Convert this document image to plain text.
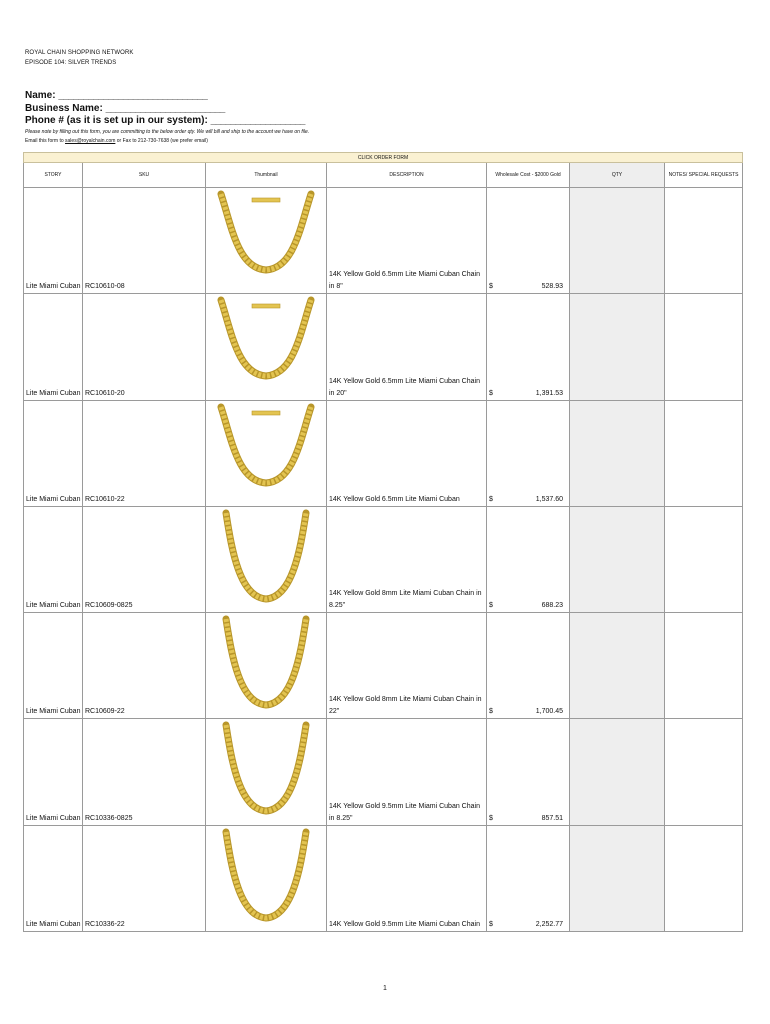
ROYAL CHAIN SHOPPING NETWORK
EPISODE 104: SILVER TRENDS
Name: ______________________________
Business Name: ________________________
Phone # (as it is set up in our system): ___________________
Please note by filling out this form, you are committing to the below order qty. We will bill and ship to the account we have on file.
Email this form to sales@royalchain.com or Fax to 212-730-7638 (we prefer email)
CLICK ORDER FORM						
STORY	SKU	Thumbnail	DESCRIPTION	Wholesale Cost - $2000 Gold	QTY	NOTES/ SPECIAL REQUESTS
Lite Miami Cuban	RC10610-08		14K Yellow Gold 6.5mm Lite Miami Cuban Chain in 8"	$ 528.93		

Lite Miami Cuban	RC10610-20		14K Yellow Gold 6.5mm Lite Miami Cuban Chain in 20"	$ 1,391.53		

Lite Miami Cuban	RC10610-22		14K Yellow Gold 6.5mm Lite Miami Cuban	$ 1,537.60		

Lite Miami Cuban	RC10609-0825		14K Yellow Gold 8mm Lite Miami Cuban Chain in 8.25"	$ 688.23		

Lite Miami Cuban	RC10609-22		14K Yellow Gold 8mm Lite Miami Cuban Chain in 22"	$ 1,700.45		

Lite Miami Cuban	RC10336-0825		14K Yellow Gold 9.5mm Lite Miami Cuban Chain in 8.25"	$ 857.51		

Lite Miami Cuban	RC10336-22		14K Yellow Gold 9.5mm Lite Miami Cuban Chain	$ 2,252.77		

1
